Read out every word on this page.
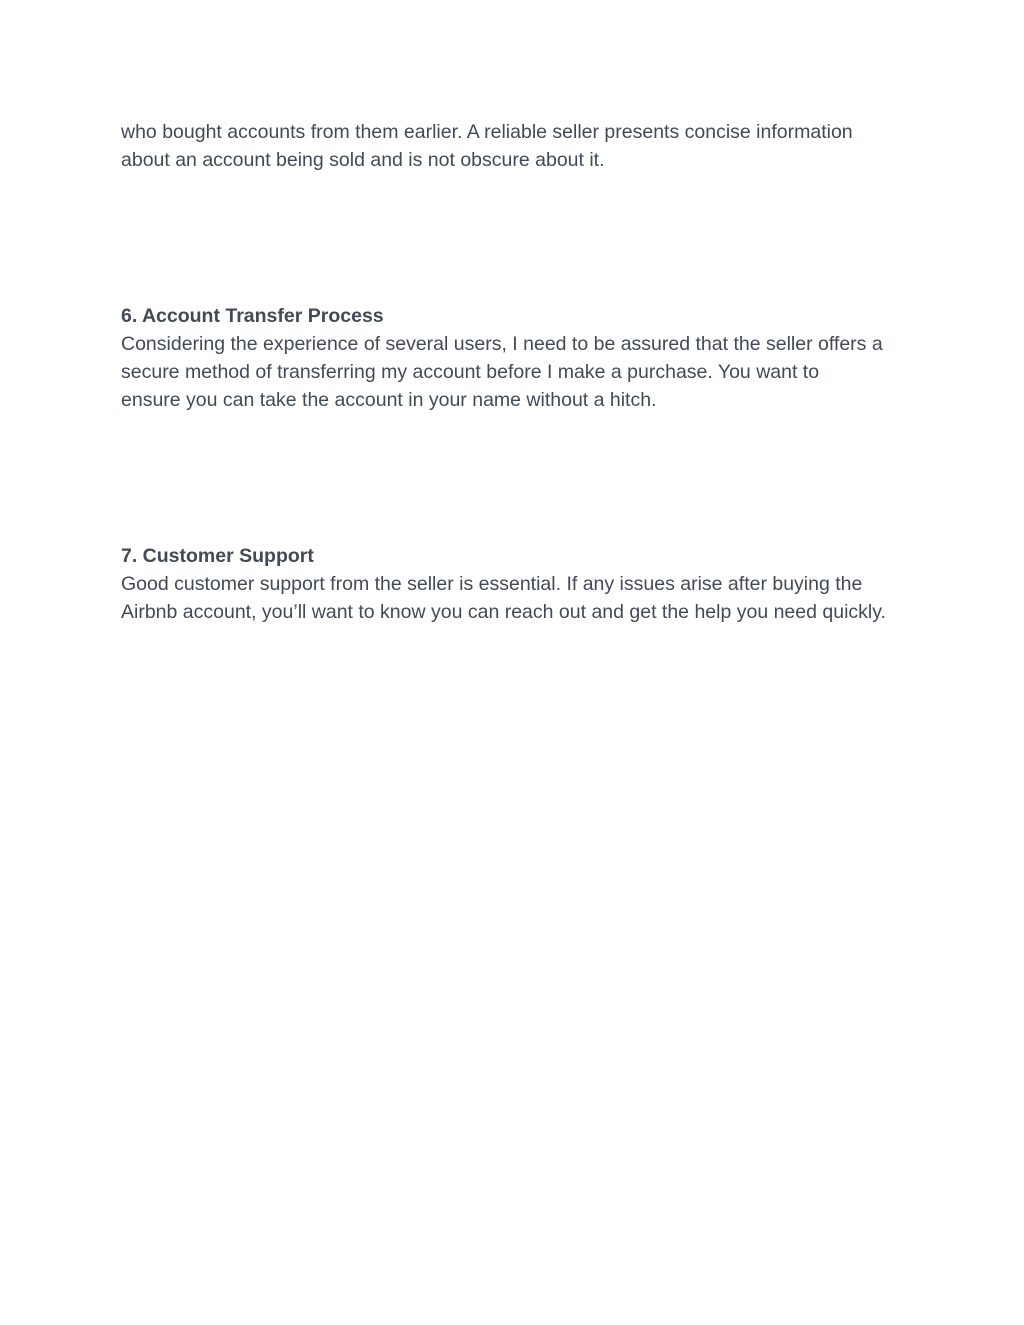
who bought accounts from them earlier. A reliable seller presents concise information
about an account being sold and is not obscure about it.
6. Account Transfer Process
Considering the experience of several users, I need to be assured that the seller offers a
secure method of transferring my account before I make a purchase. You want to
ensure you can take the account in your name without a hitch.
7. Customer Support
Good customer support from the seller is essential. If any issues arise after buying the
Airbnb account, you’ll want to know you can reach out and get the help you need quickly.
